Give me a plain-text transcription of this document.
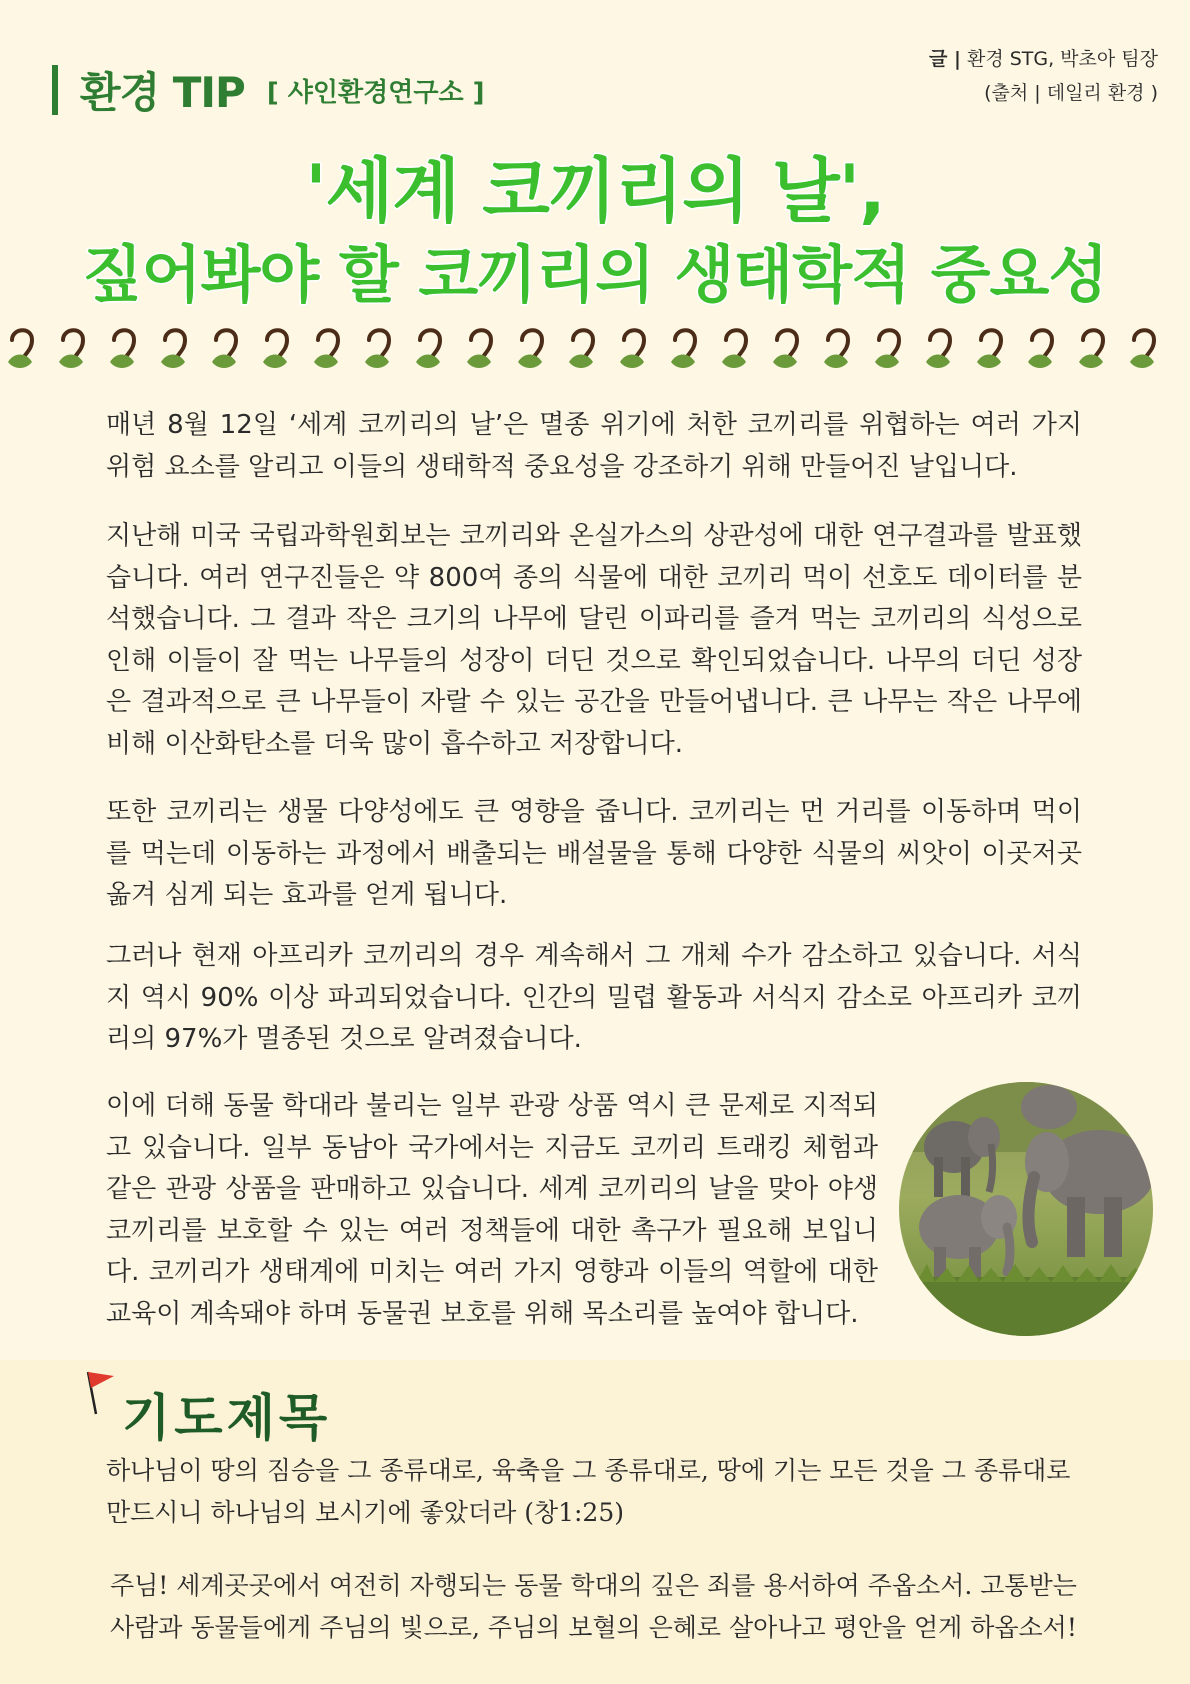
환경 TIP [ 샤인환경연구소 ]
글 | 환경 STG, 박초아 팀장
(출처 | 데일리 환경 )
'세계 코끼리의 날',
짚어봐야 할 코끼리의 생태학적 중요성

매년 8월 12일 ‘세계 코끼리의 날’은 멸종 위기에 처한 코끼리를 위협하는 여러 가지 위험 요소를 알리고 이들의 생태학적 중요성을 강조하기 위해 만들어진 날입니다.

지난해 미국 국립과학원회보는 코끼리와 온실가스의 상관성에 대한 연구결과를 발표했습니다. 여러 연구진들은 약 800여 종의 식물에 대한 코끼리 먹이 선호도 데이터를 분석했습니다. 그 결과 작은 크기의 나무에 달린 이파리를 즐겨 먹는 코끼리의 식성으로 인해 이들이 잘 먹는 나무들의 성장이 더딘 것으로 확인되었습니다. 나무의 더딘 성장은 결과적으로 큰 나무들이 자랄 수 있는 공간을 만들어냅니다. 큰 나무는 작은 나무에 비해 이산화탄소를 더욱 많이 흡수하고 저장합니다.

또한 코끼리는 생물 다양성에도 큰 영향을 줍니다. 코끼리는 먼 거리를 이동하며 먹이를 먹는데 이동하는 과정에서 배출되는 배설물을 통해 다양한 식물의 씨앗이 이곳저곳 옮겨 심게 되는 효과를 얻게 됩니다.

그러나 현재 아프리카 코끼리의 경우 계속해서 그 개체 수가 감소하고 있습니다. 서식지 역시 90% 이상 파괴되었습니다. 인간의 밀렵 활동과 서식지 감소로 아프리카 코끼리의 97%가 멸종된 것으로 알려졌습니다.

이에 더해 동물 학대라 불리는 일부 관광 상품 역시 큰 문제로 지적되고 있습니다. 일부 동남아 국가에서는 지금도 코끼리 트래킹 체험과 같은 관광 상품을 판매하고 있습니다. 세계 코끼리의 날을 맞아 야생 코끼리를 보호할 수 있는 여러 정책들에 대한 촉구가 필요해 보입니다. 코끼리가 생태계에 미치는 여러 가지 영향과 이들의 역할에 대한 교육이 계속돼야 하며 동물권 보호를 위해 목소리를 높여야 합니다.

기도제목
하나님이 땅의 짐승을 그 종류대로, 육축을 그 종류대로, 땅에 기는 모든 것을 그 종류대로 만드시니 하나님의 보시기에 좋았더라 (창1:25)
주님! 세계곳곳에서 여전히 자행되는 동물 학대의 깊은 죄를 용서하여 주옵소서. 고통받는 사람과 동물들에게 주님의 빛으로, 주님의 보혈의 은혜로 살아나고 평안을 얻게 하옵소서!
